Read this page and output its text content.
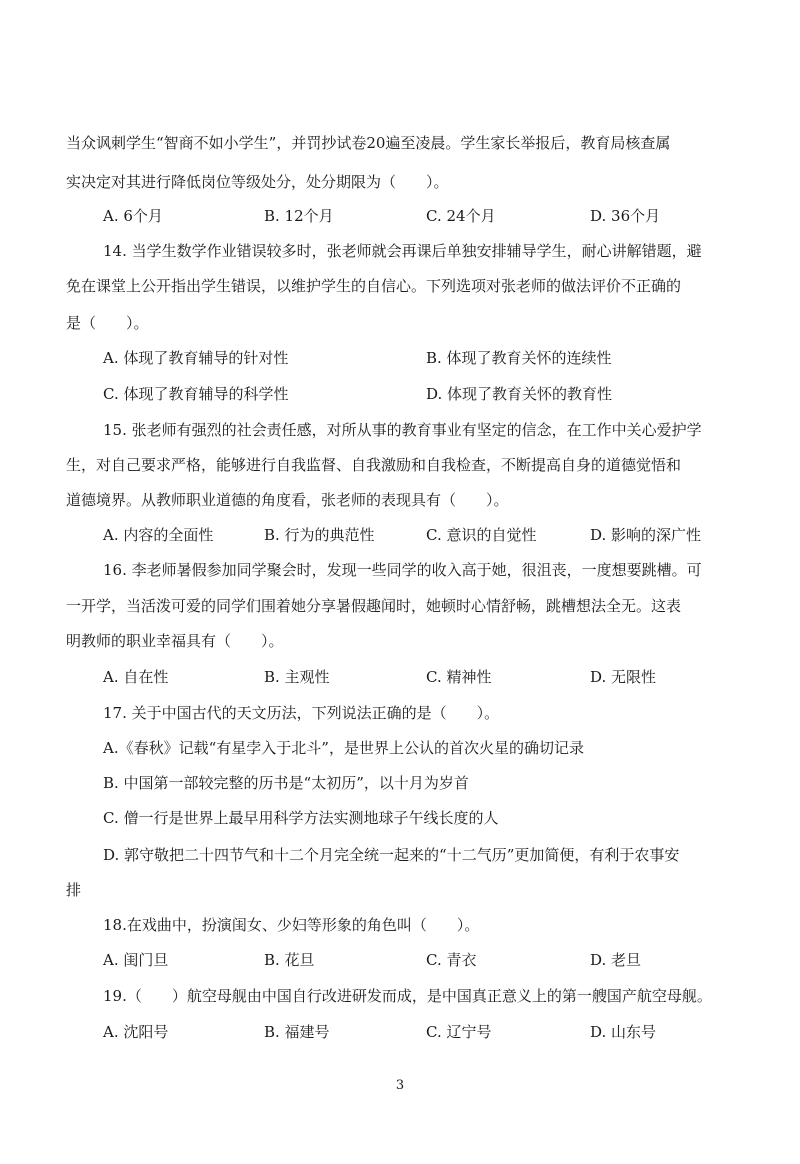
当众讽刺学生“智商不如小学生”，并罚抄试卷20遍至凌晨。学生家长举报后，教育局核查属
实决定对其进行降低岗位等级处分，处分期限为（　　）。
A. 6个月	B. 12个月	C. 24个月	D. 36个月
14. 当学生数学作业错误较多时，张老师就会再课后单独安排辅导学生，耐心讲解错题，避
免在课堂上公开指出学生错误，以维护学生的自信心。下列选项对张老师的做法评价不正确的
是（　　）。
A. 体现了教育辅导的针对性	B. 体现了教育关怀的连续性
C. 体现了教育辅导的科学性	D. 体现了教育关怀的教育性
15. 张老师有强烈的社会责任感，对所从事的教育事业有坚定的信念，在工作中关心爱护学
生，对自己要求严格，能够进行自我监督、自我激励和自我检查，不断提高自身的道德觉悟和
道德境界。从教师职业道德的角度看，张老师的表现具有（　　）。
A. 内容的全面性	B. 行为的典范性	C. 意识的自觉性	D. 影响的深广性
16. 李老师暑假参加同学聚会时，发现一些同学的收入高于她，很沮丧，一度想要跳槽。可
一开学，当活泼可爱的同学们围着她分享暑假趣闻时，她顿时心情舒畅，跳槽想法全无。这表
明教师的职业幸福具有（　　）。
A. 自在性	B. 主观性	C. 精神性	D. 无限性
17. 关于中国古代的天文历法，下列说法正确的是（　　）。
A.《春秋》记载“有星孛入于北斗”，是世界上公认的首次火星的确切记录
B. 中国第一部较完整的历书是“太初历”，以十月为岁首
C. 僧一行是世界上最早用科学方法实测地球子午线长度的人
D. 郭守敬把二十四节气和十二个月完全统一起来的“十二气历”更加简便，有利于农事安
排
18.在戏曲中，扮演闺女、少妇等形象的角色叫（　　）。
A. 闺门旦	B. 花旦	C. 青衣	D. 老旦
19.（　　）航空母舰由中国自行改进研发而成，是中国真正意义上的第一艘国产航空母舰。
A. 沈阳号	B. 福建号	C. 辽宁号	D. 山东号
3
